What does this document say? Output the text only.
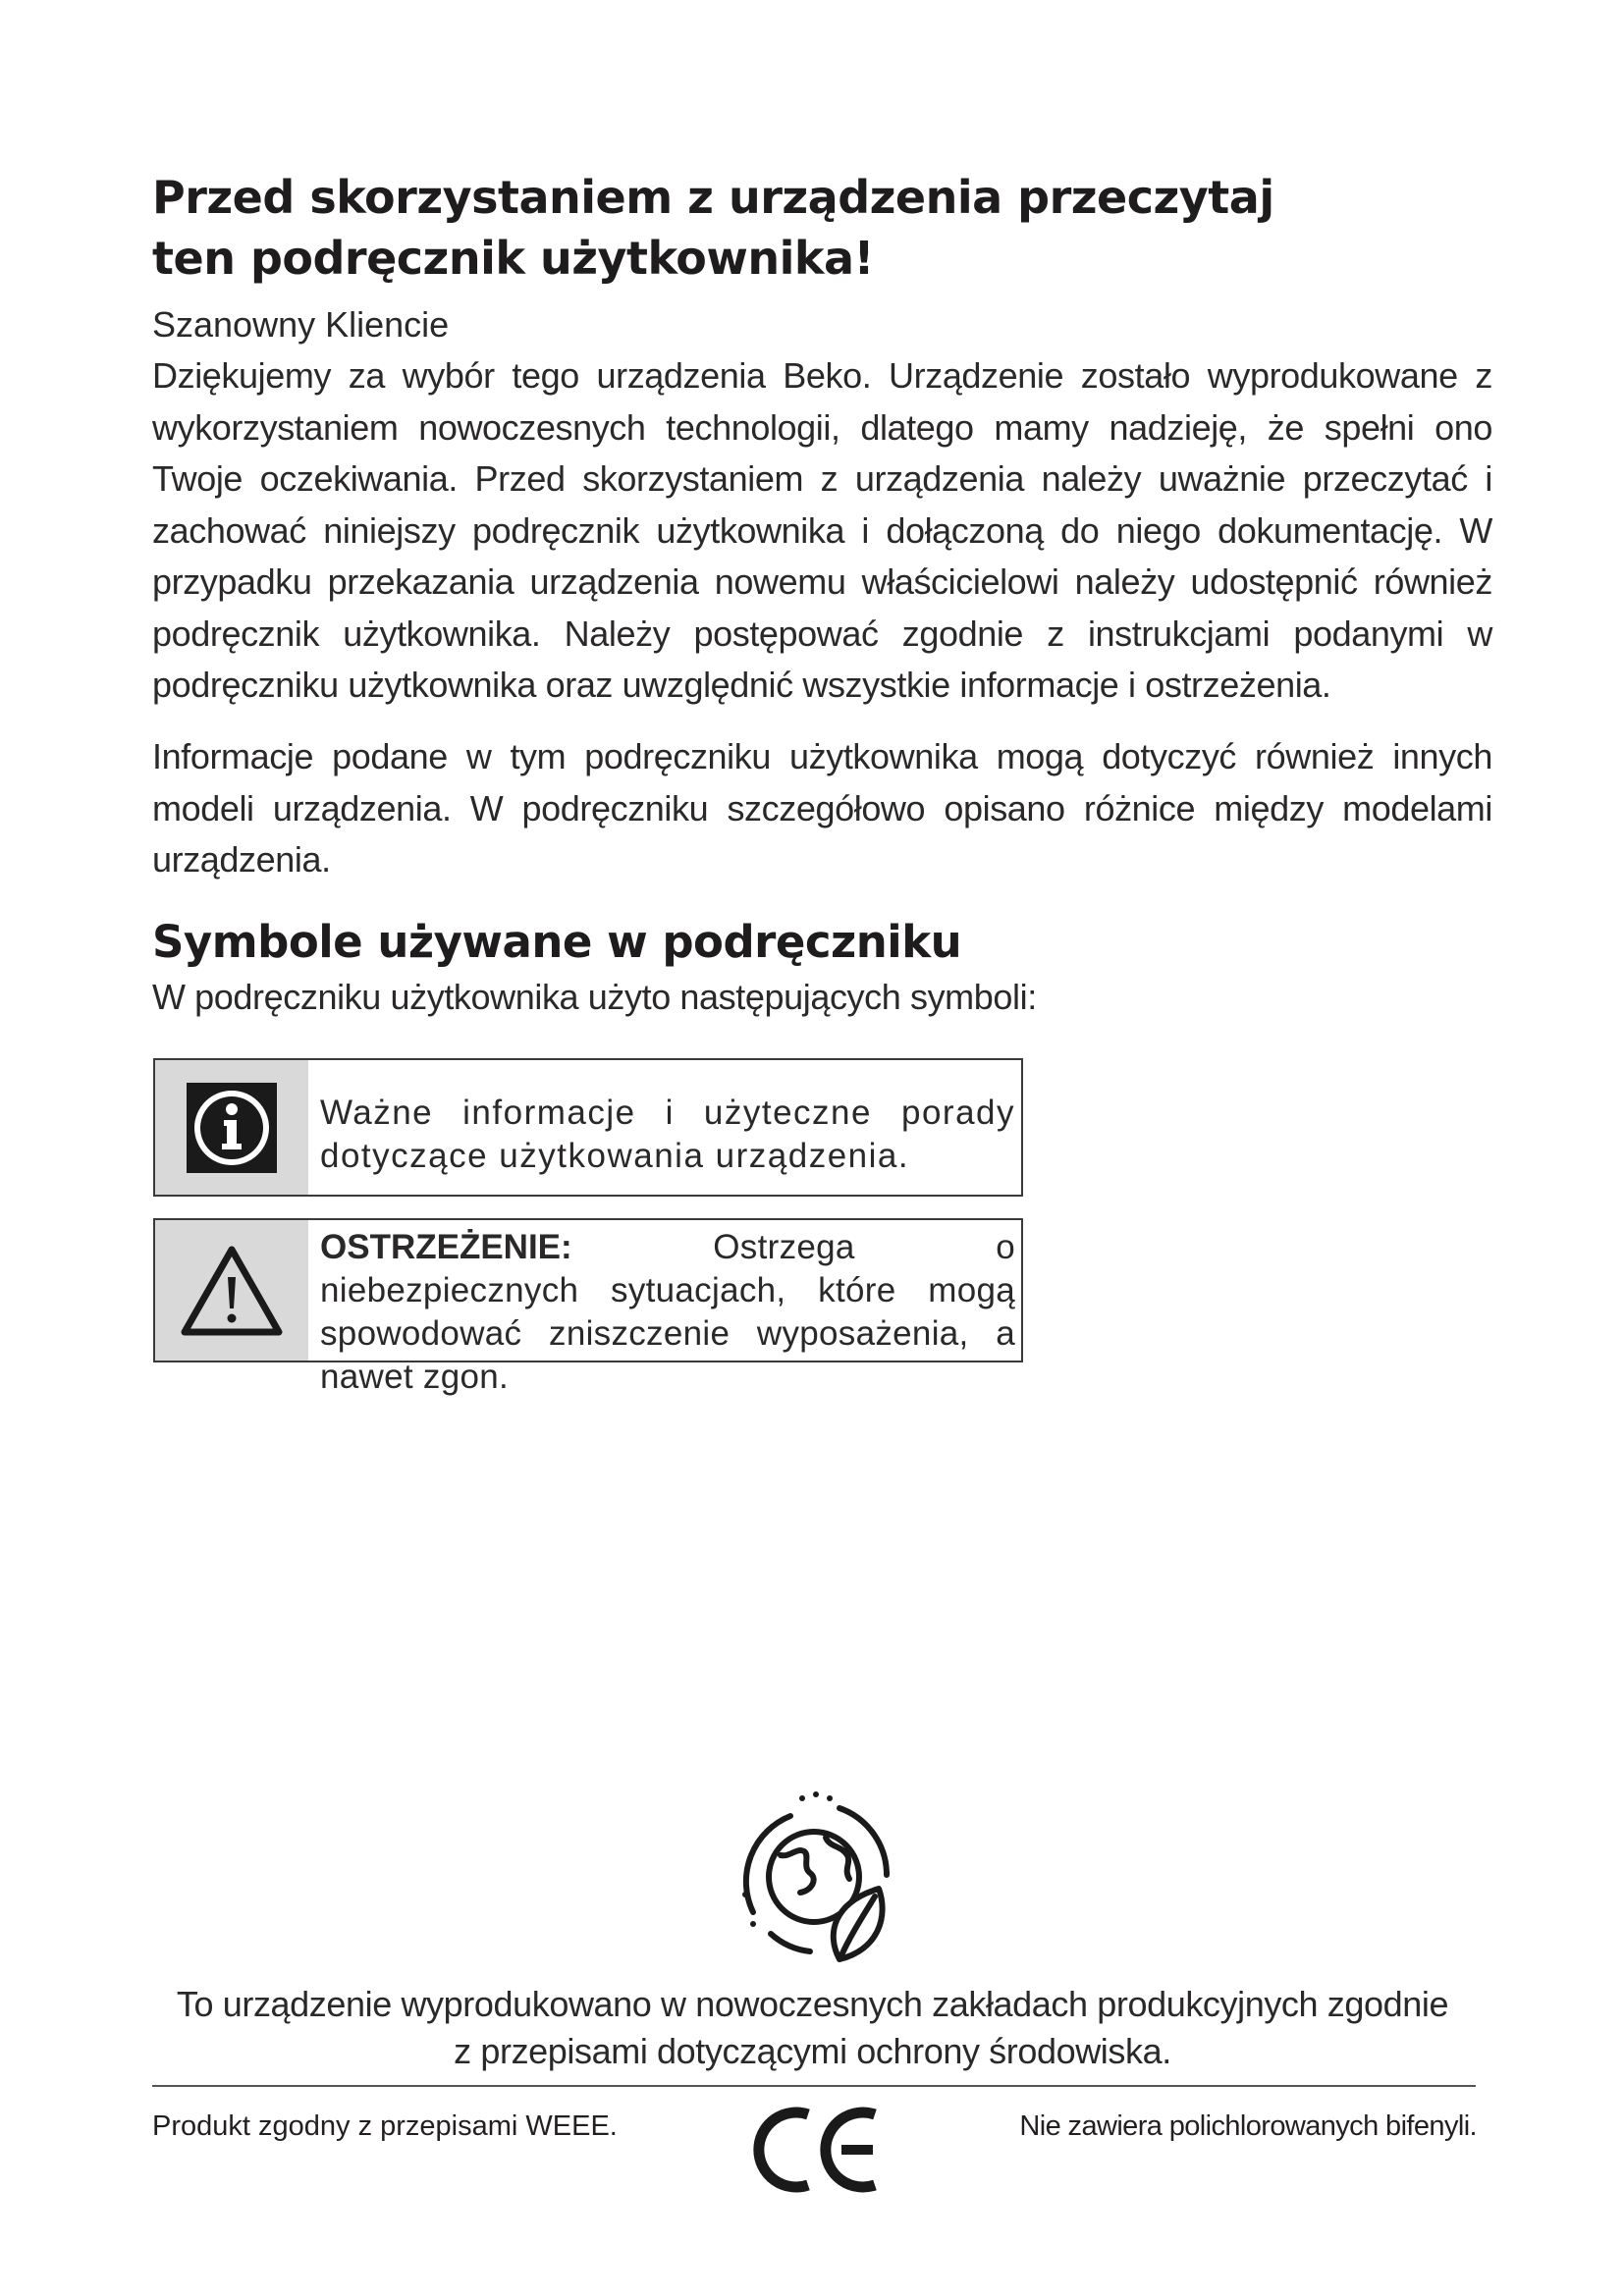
Przed skorzystaniem z urządzenia przeczytaj
ten podręcznik użytkownika!

Szanowny Kliencie

Dziękujemy za wybór tego urządzenia Beko. Urządzenie zostało wyprodukowane z wykorzystaniem nowoczesnych technologii, dlatego mamy nadzieję, że spełni ono Twoje oczekiwania. Przed skorzystaniem z urządzenia należy uważnie przeczytać i zachować niniejszy podręcznik użytkownika i dołączoną do niego dokumentację. W przypadku przekazania urządzenia nowemu właścicielowi należy udostępnić również podręcznik użytkownika. Należy postępować zgodnie z instrukcjami podanymi w podręczniku użytkownika oraz uwzględnić wszystkie informacje i ostrzeżenia.

Informacje podane w tym podręczniku użytkownika mogą dotyczyć również innych modeli urządzenia. W podręczniku szczegółowo opisano różnice między modelami urządzenia.

Symbole używane w podręczniku

W podręczniku użytkownika użyto następujących symboli:

Ważne informacje i użyteczne porady dotyczące użytkowania urządzenia.
OSTRZEŻENIE:	Ostrzega o niebezpiecznych sytuacjach, które mogą spowodować zniszczenie wyposażenia, a nawet zgon.

To urządzenie wyprodukowano w nowoczesnych zakładach produkcyjnych zgodnie
z przepisami dotyczącymi ochrony środowiska.

Produkt zgodny z przepisami WEEE.	Nie zawiera polichlorowanych bifenyli.
